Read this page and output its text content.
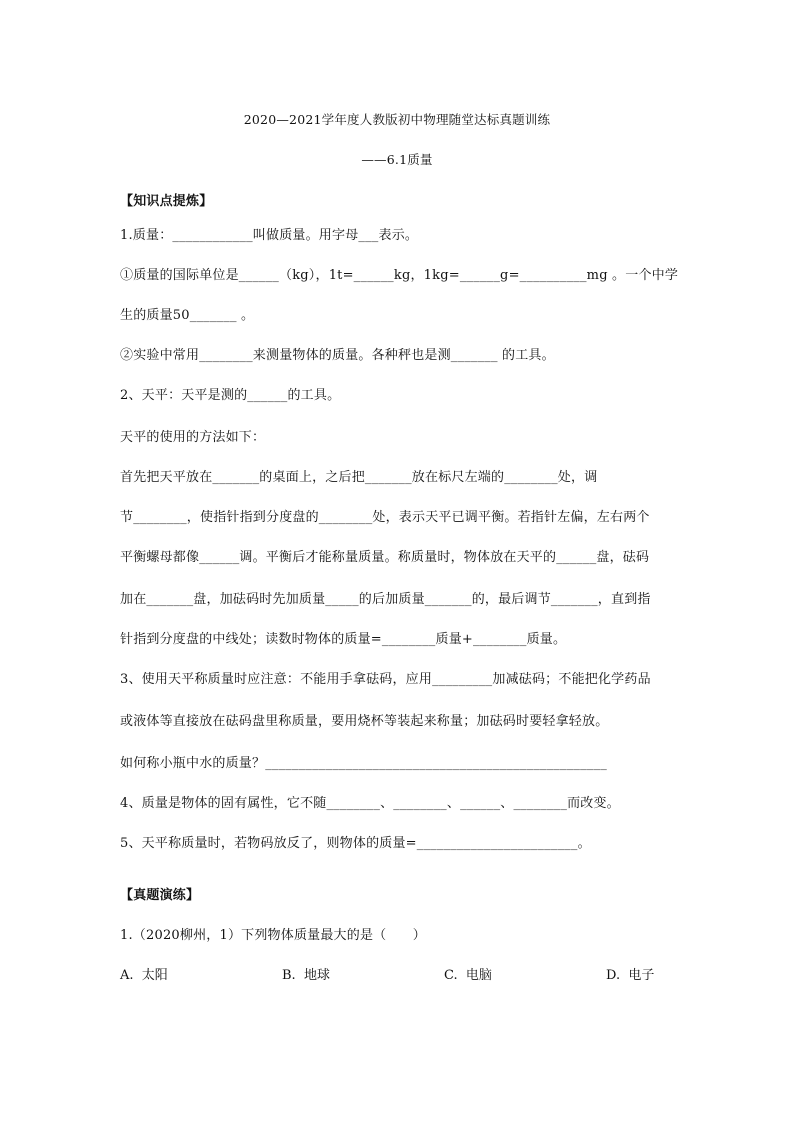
2020—2021学年度人教版初中物理随堂达标真题训练
——6.1质量
【知识点提炼】
1.质量：____________叫做质量。用字母___表示。
①质量的国际单位是______（kg），1t=______kg，1kg=______g=__________mg 。一个中学
生的质量50_______ 。
②实验中常用________来测量物体的质量。各种秤也是测_______ 的工具。
2、天平：天平是测的______的工具。
天平的使用的方法如下：
首先把天平放在_______的桌面上，之后把_______放在标尺左端的________处，调
节________，使指针指到分度盘的________处，表示天平已调平衡。若指针左偏，左右两个
平衡螺母都像______调。平衡后才能称量质量。称质量时，物体放在天平的______盘，砝码
加在_______盘，加砝码时先加质量_____的后加质量_______的，最后调节_______，直到指
针指到分度盘的中线处；读数时物体的质量=________质量+________质量。
3、使用天平称质量时应注意：不能用手拿砝码，应用_________加减砝码；不能把化学药品
或液体等直接放在砝码盘里称质量，要用烧杯等装起来称量；加砝码时要轻拿轻放。
如何称小瓶中水的质量？___________________________________________________
4、质量是物体的固有属性，它不随________、________、______、________而改变。
5、天平称质量时，若物码放反了，则物体的质量=________________________。
【真题演练】
1.（2020柳州，1）下列物体质量最大的是（　　）
A.  太阳	B.  地球	C.  电脑	D.  电子
